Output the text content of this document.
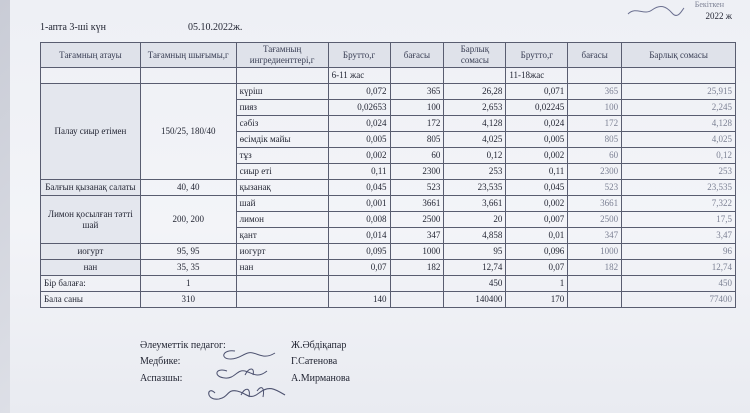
Бекіткен
2022 ж
1-апта 3-ші күн	05.10.2022ж.
Тағамның атауы	Тағамның шығымы,г	Тағамның ингредиенттері,г	Брутто,г	бағасы	Барлық сомасы	Брутто,г	бағасы	Барлық сомасы
			6-11 жас			11-18жас		
Палау сиыр етімен	150/25, 180/40	күріш	0,072	365	26,28	0,071	365	25,915
		пияз	0,02653	100	2,653	0,02245	100	2,245
		сәбіз	0,024	172	4,128	0,024	172	4,128
		өсімдік майы	0,005	805	4,025	0,005	805	4,025
		тұз	0,002	60	0,12	0,002	60	0,12
		сиыр еті	0,11	2300	253	0,11	2300	253
Балғын қызанақ салаты	40, 40	қызанақ	0,045	523	23,535	0,045	523	23,535
Лимон қосылған тәтті шай	200, 200	шай	0,001	3661	3,661	0,002	3661	7,322
		лимон	0,008	2500	20	0,007	2500	17,5
		қант	0,014	347	4,858	0,01	347	3,47
иогурт	95, 95	иогурт	0,095	1000	95	0,096	1000	96
нан	35, 35	нан	0,07	182	12,74	0,07	182	12,74
Бір балаға:	1				450	1		450
Бала саны	310		140		140400	170		77400
Әлеуметтік педагог:	Ж.Әбдіқапар
Медбике:	Г.Сатенова
Аспазшы:	А.Мирманова
